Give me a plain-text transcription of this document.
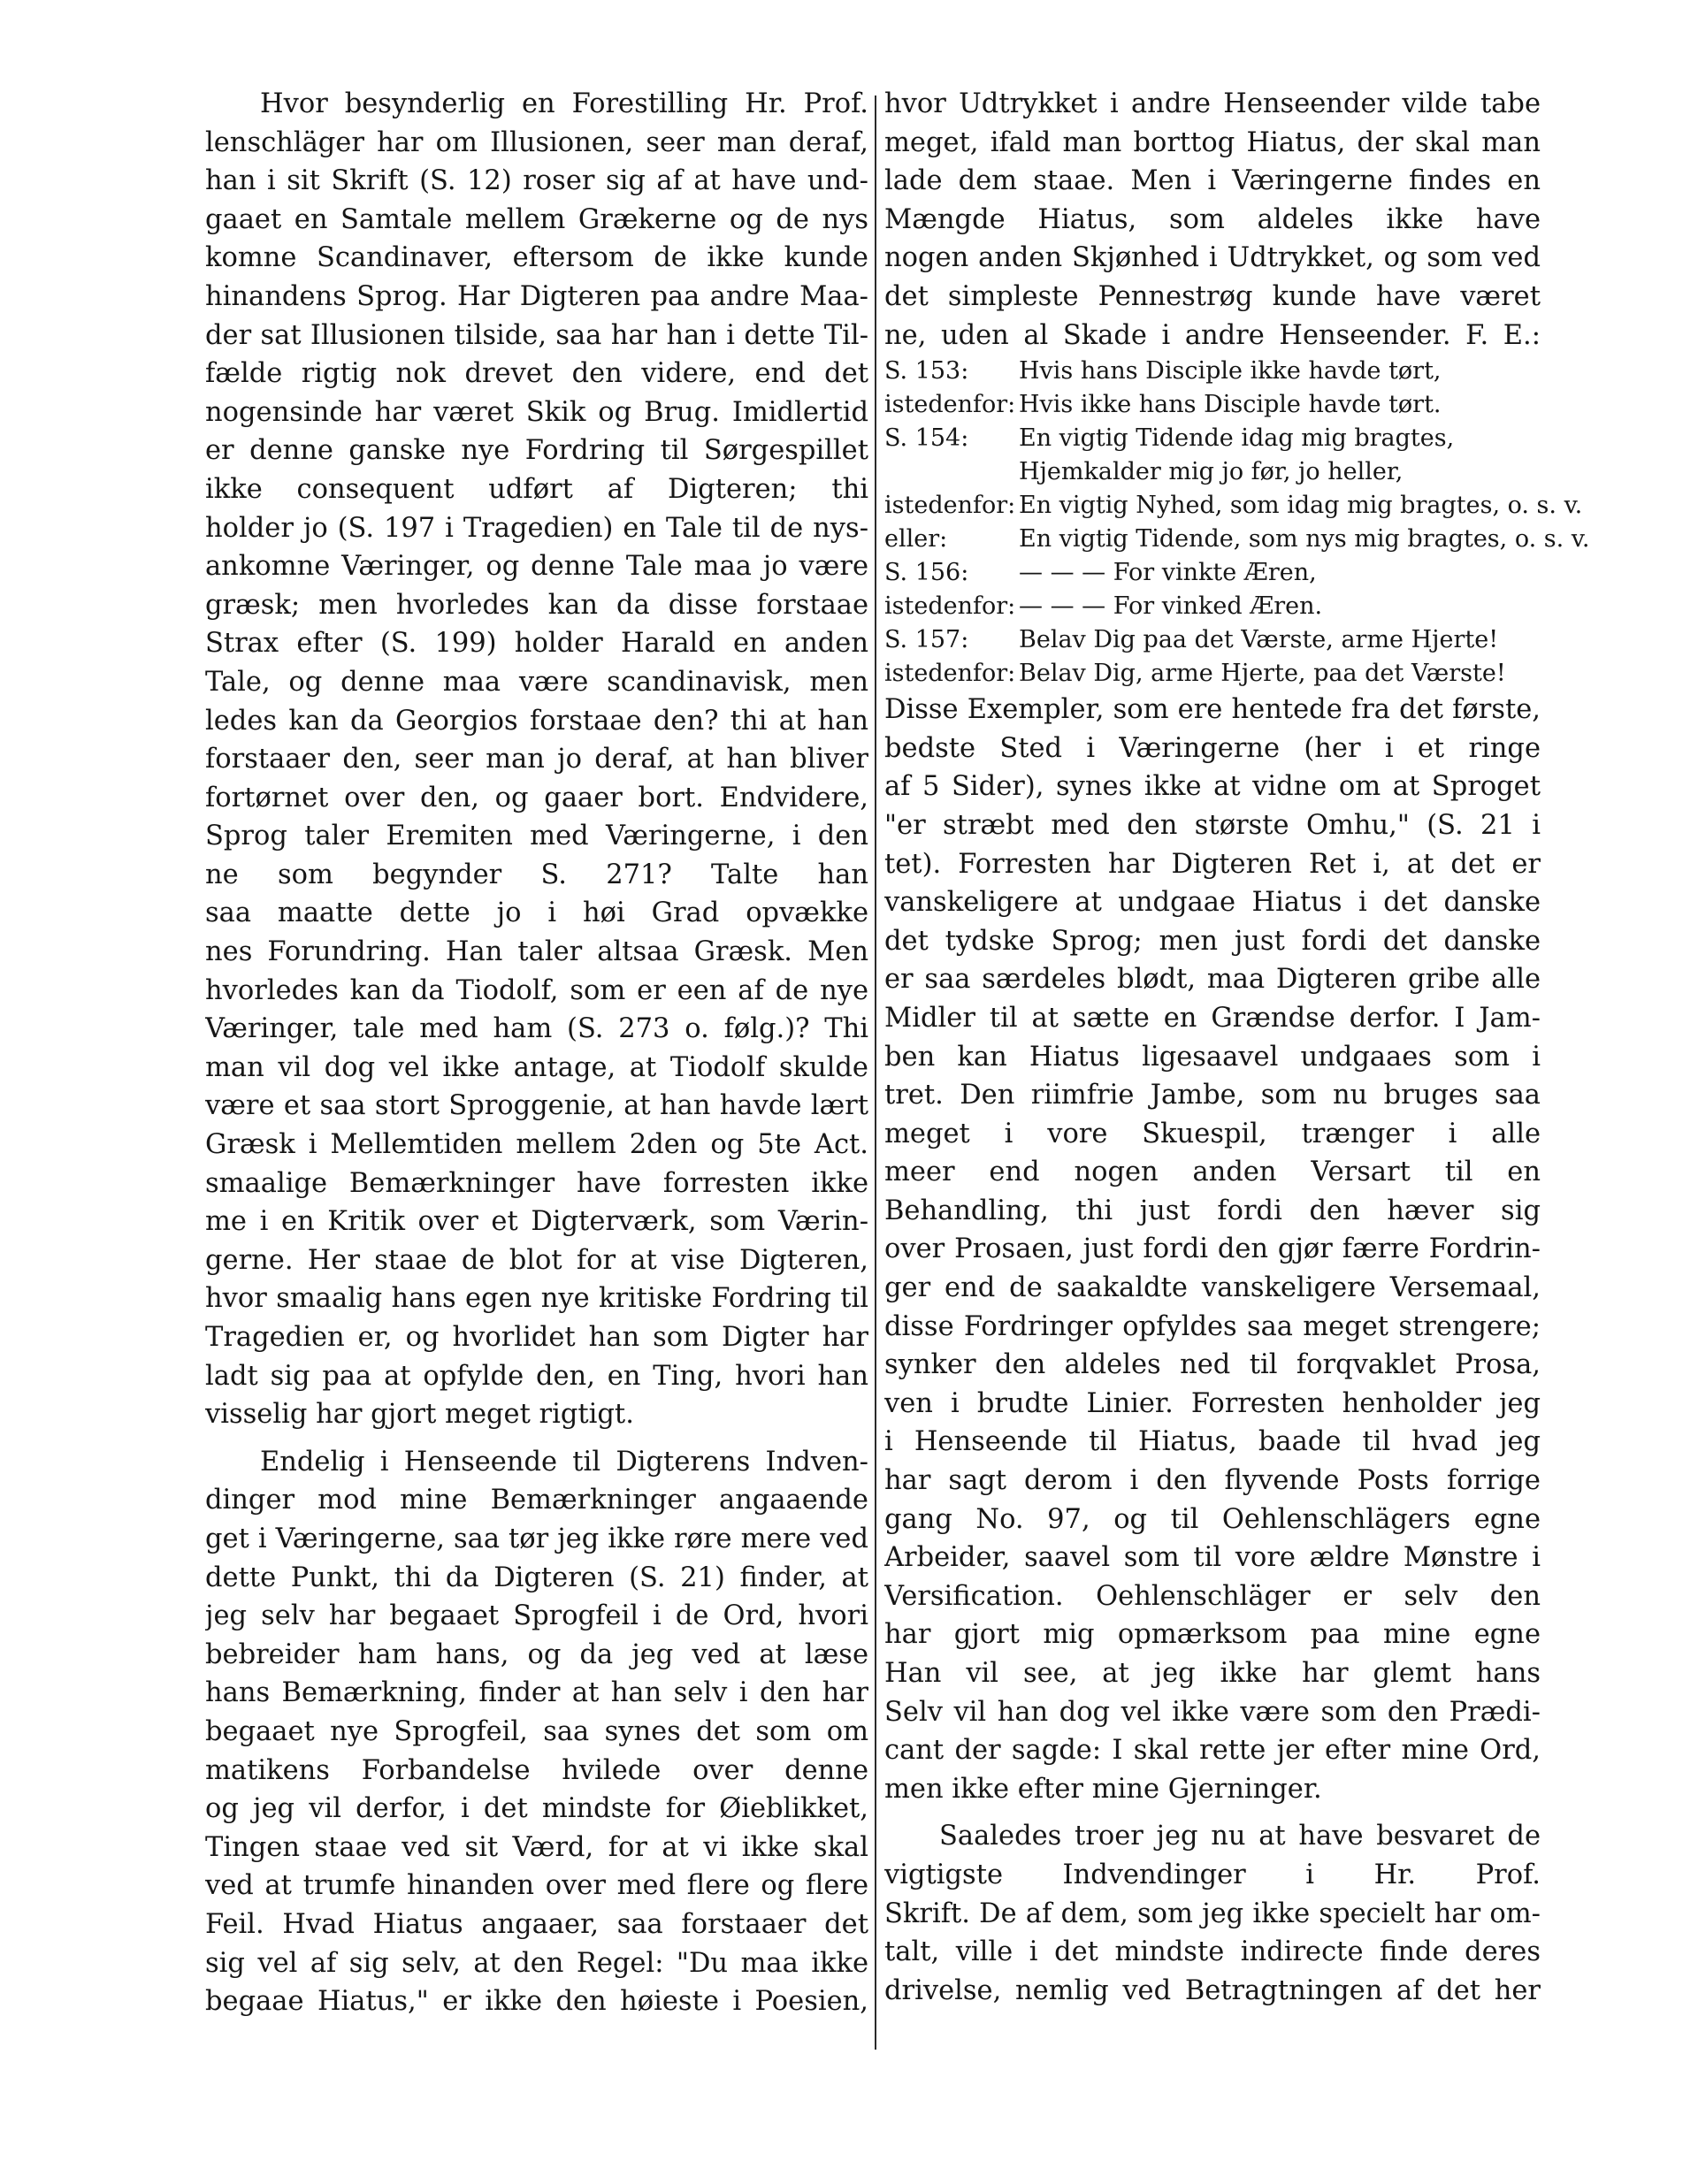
Hvor besynderlig en Forestilling Hr. Prof.
lenschläger har om Illusionen, seer man deraf,
han i sit Skrift (S. 12) roser sig af at have und-
gaaet en Samtale mellem Grækerne og de nys
komne Scandinaver, eftersom de ikke kunde
hinandens Sprog. Har Digteren paa andre Maa-
der sat Illusionen tilside, saa har han i dette Til-
fælde rigtig nok drevet den videre, end det
nogensinde har været Skik og Brug. Imidlertid
er denne ganske nye Fordring til Sørgespillet
ikke consequent udført af Digteren; thi
holder jo (S. 197 i Tragedien) en Tale til de nys-
ankomne Væringer, og denne Tale maa jo være
græsk; men hvorledes kan da disse forstaae
Strax efter (S. 199) holder Harald en anden
Tale, og denne maa være scandinavisk, men
ledes kan da Georgios forstaae den? thi at han
forstaaer den, seer man jo deraf, at han bliver
fortørnet over den, og gaaer bort. Endvidere,
Sprog taler Eremiten med Væringerne, i den
ne som begynder S. 271? Talte han
saa maatte dette jo i høi Grad opvække
nes Forundring. Han taler altsaa Græsk. Men
hvorledes kan da Tiodolf, som er een af de nye
Væringer, tale med ham (S. 273 o. følg.)? Thi
man vil dog vel ikke antage, at Tiodolf skulde
være et saa stort Sproggenie, at han havde lært
Græsk i Mellemtiden mellem 2den og 5te Act.
smaalige Bemærkninger have forresten ikke
me i en Kritik over et Digterværk, som Værin-
gerne. Her staae de blot for at vise Digteren,
hvor smaalig hans egen nye kritiske Fordring til
Tragedien er, og hvorlidet han som Digter har
ladt sig paa at opfylde den, en Ting, hvori han
visselig har gjort meget rigtigt.
Endelig i Henseende til Digterens Indven-
dinger mod mine Bemærkninger angaaende
get i Væringerne, saa tør jeg ikke røre mere ved
dette Punkt, thi da Digteren (S. 21) finder, at
jeg selv har begaaet Sprogfeil i de Ord, hvori
bebreider ham hans, og da jeg ved at læse
hans Bemærkning, finder at han selv i den har
begaaet nye Sprogfeil, saa synes det som om
matikens Forbandelse hvilede over denne
og jeg vil derfor, i det mindste for Øieblikket,
Tingen staae ved sit Værd, for at vi ikke skal
ved at trumfe hinanden over med flere og flere
Feil. Hvad Hiatus angaaer, saa forstaaer det
sig vel af sig selv, at den Regel: "Du maa ikke
begaae Hiatus," er ikke den høieste i Poesien,
hvor Udtrykket i andre Henseender vilde tabe
meget, ifald man borttog Hiatus, der skal man
lade dem staae. Men i Væringerne findes en
Mængde Hiatus, som aldeles ikke have
nogen anden Skjønhed i Udtrykket, og som ved
det simpleste Pennestrøg kunde have været
ne, uden al Skade i andre Henseender. F. E.:
S. 153:	Hvis hans Disciple ikke havde tørt,
istedenfor: Hvis ikke hans Disciple havde tørt.
S. 154:	En vigtig Tidende idag mig bragtes,
Hjemkalder mig jo før, jo heller,
istedenfor: En vigtig Nyhed, som idag mig bragtes, o. s. v.
eller:	En vigtig Tidende, som nys mig bragtes, o. s. v.
S. 156:	— — — For vinkte Æren,
istedenfor: — — — For vinked Æren.
S. 157:	Belav Dig paa det Værste, arme Hjerte!
istedenfor: Belav Dig, arme Hjerte, paa det Værste!
Disse Exempler, som ere hentede fra det første,
bedste Sted i Væringerne (her i et ringe
af 5 Sider), synes ikke at vidne om at Sproget
"er stræbt med den største Omhu," (S. 21 i
tet). Forresten har Digteren Ret i, at det er
vanskeligere at undgaae Hiatus i det danske
det tydske Sprog; men just fordi det danske
er saa særdeles blødt, maa Digteren gribe alle
Midler til at sætte en Grændse derfor. I Jam-
ben kan Hiatus ligesaavel undgaaes som i
tret. Den riimfrie Jambe, som nu bruges saa
meget i vore Skuespil, trænger i alle
meer end nogen anden Versart til en
Behandling, thi just fordi den hæver sig
over Prosaen, just fordi den gjør færre Fordrin-
ger end de saakaldte vanskeligere Versemaal,
disse Fordringer opfyldes saa meget strengere;
synker den aldeles ned til forqvaklet Prosa,
ven i brudte Linier. Forresten henholder jeg
i Henseende til Hiatus, baade til hvad jeg
har sagt derom i den flyvende Posts forrige
gang No. 97, og til Oehlenschlägers egne
Arbeider, saavel som til vore ældre Mønstre i
Versification. Oehlenschläger er selv den
har gjort mig opmærksom paa mine egne
Han vil see, at jeg ikke har glemt hans
Selv vil han dog vel ikke være som den Prædi-
cant der sagde: I skal rette jer efter mine Ord,
men ikke efter mine Gjerninger.
Saaledes troer jeg nu at have besvaret de
vigtigste Indvendinger i Hr. Prof.
Skrift. De af dem, som jeg ikke specielt har om-
talt, ville i det mindste indirecte finde deres
drivelse, nemlig ved Betragtningen af det her
